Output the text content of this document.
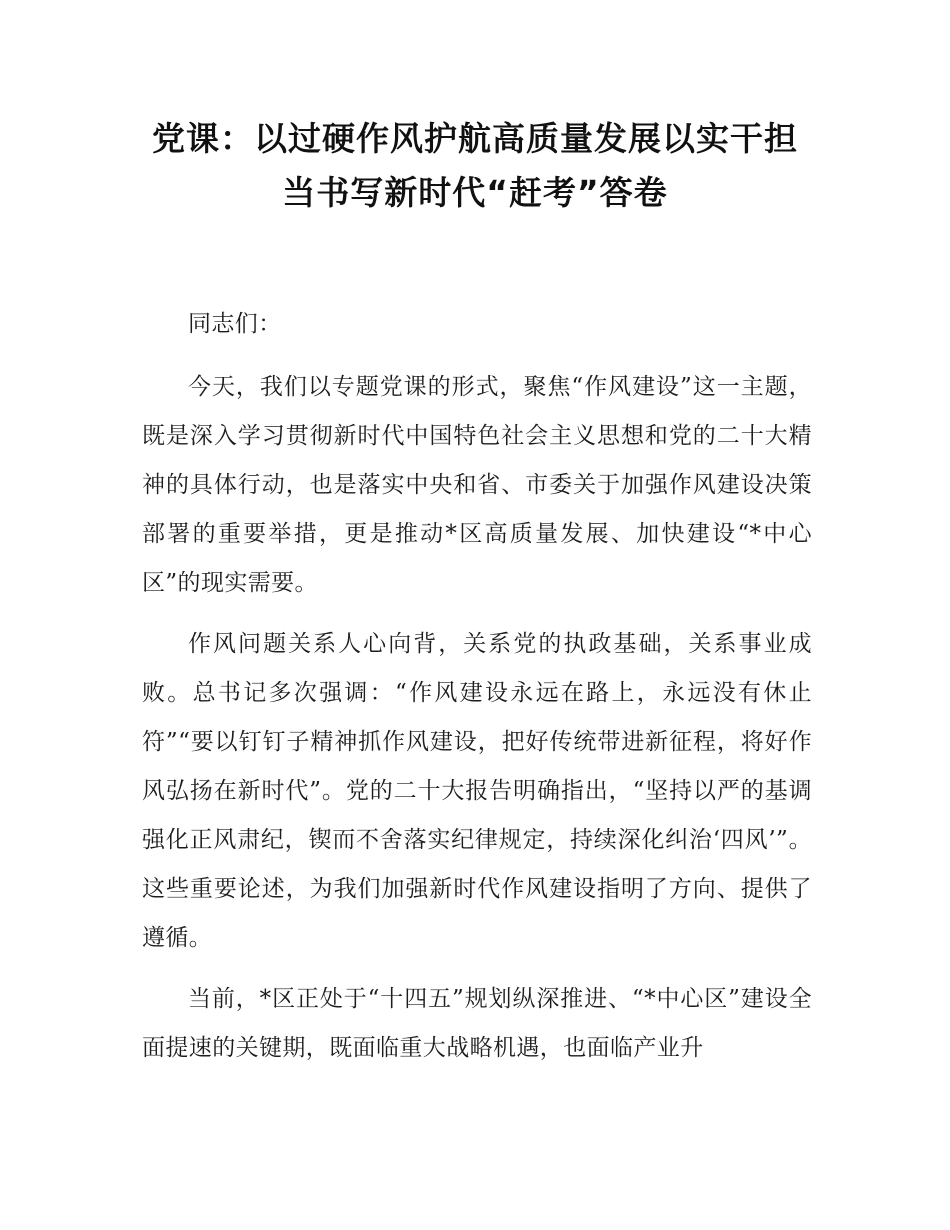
党课：以过硬作风护航高质量发展以实干担
当书写新时代“赶考”答卷

同志们：

今天，我们以专题党课的形式，聚焦“作风建设”这一主题，既是深入学习贯彻新时代中国特色社会主义思想和党的二十大精神的具体行动，也是落实中央和省、市委关于加强作风建设决策部署的重要举措，更是推动*区高质量发展、加快建设“*中心区”的现实需要。

作风问题关系人心向背，关系党的执政基础，关系事业成败。总书记多次强调：“作风建设永远在路上，永远没有休止符”“要以钉钉子精神抓作风建设，把好传统带进新征程，将好作风弘扬在新时代”。党的二十大报告明确指出，“坚持以严的基调强化正风肃纪，锲而不舍落实纪律规定，持续深化纠治‘四风’”。这些重要论述，为我们加强新时代作风建设指明了方向、提供了遵循。

当前，*区正处于“十四五”规划纵深推进、“*中心区”建设全面提速的关键期，既面临重大战略机遇，也面临产业升
